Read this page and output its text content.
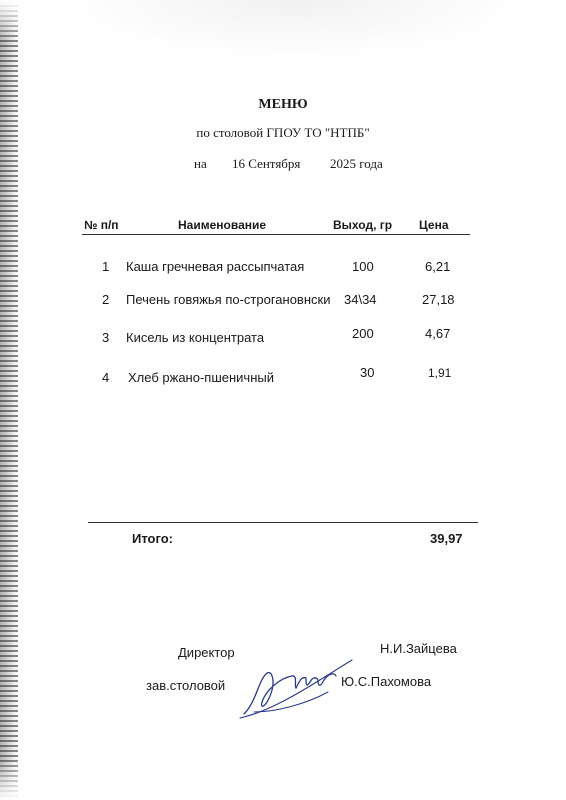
МЕНЮ
по столовой ГПОУ ТО "НТПБ"
на 16 Сентября 2025 года
№ п/п	Наименование	Выход, гр Цена
1 Каша гречневая рассыпчатая	100	6,21
2 Печень говяжья по-строгановнски 34\34	27,18
3 Кисель из концентрата	200	4,67
4 Хлеб ржано-пшеничный	30	1,91
Итого:	39,97
Директор	Н.И.Зайцева
зав.столовой	Ю.С.Пахомова
